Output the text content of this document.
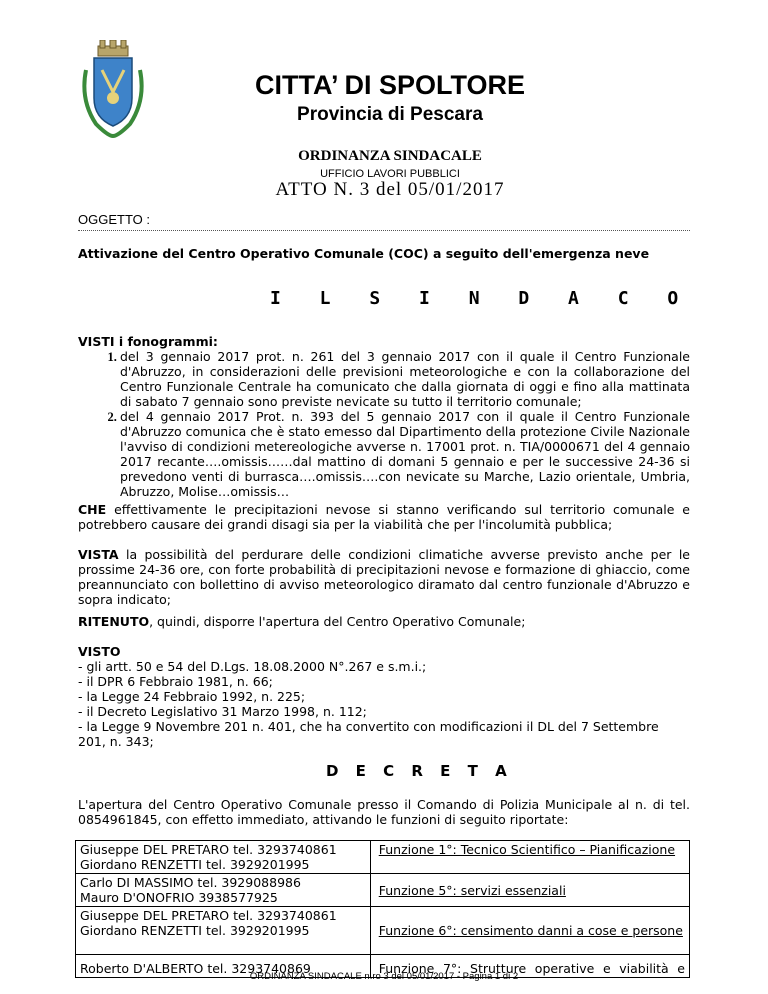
CITTA’ DI SPOLTORE
Provincia di Pescara
ORDINANZA SINDACALE
UFFICIO LAVORI PUBBLICI
ATTO N. 3 del 05/01/2017
OGGETTO :
Attivazione del Centro Operativo Comunale (COC) a seguito dell'emergenza neve
I L S I N D A C O
VISTI i fonogrammi:
1. del 3 gennaio 2017 prot. n. 261 del 3 gennaio 2017 con il quale il Centro Funzionale d'Abruzzo, in considerazioni delle previsioni meteorologiche e con la collaborazione del Centro Funzionale Centrale ha comunicato che dalla giornata di oggi e fino alla mattinata di sabato 7 gennaio sono previste nevicate su tutto il territorio comunale;
2. del 4 gennaio 2017 Prot. n. 393 del 5 gennaio 2017 con il quale il Centro Funzionale d'Abruzzo comunica che è stato emesso dal Dipartimento della protezione Civile Nazionale l'avviso di condizioni metereologiche avverse n. 17001 prot. n. TIA/0000671 del 4 gennaio 2017 recante….omissis……dal mattino di domani 5 gennaio e per le successive 24-36 si prevedono venti di burrasca….omissis….con nevicate su Marche, Lazio orientale, Umbria, Abruzzo, Molise…omissis…
CHE effettivamente le precipitazioni nevose si stanno verificando sul territorio comunale e potrebbero causare dei grandi disagi sia per la viabilità che per l'incolumità pubblica;
VISTA la possibilità del perdurare delle condizioni climatiche avverse previsto anche per le prossime 24-36 ore, con forte probabilità di precipitazioni nevose e formazione di ghiaccio, come preannunciato con bollettino di avviso meteorologico diramato dal centro funzionale d'Abruzzo e sopra indicato;
RITENUTO, quindi, disporre l'apertura del Centro Operativo Comunale;
VISTO
- gli artt. 50 e 54 del D.Lgs. 18.08.2000 N°.267 e s.m.i.;
- il DPR 6 Febbraio 1981, n. 66;
- la Legge 24 Febbraio 1992, n. 225;
- il Decreto Legislativo 31 Marzo 1998, n. 112;
- la Legge 9 Novembre 201 n. 401, che ha convertito con modificazioni il DL del 7 Settembre 201, n. 343;
D E C R E T A
L'apertura del Centro Operativo Comunale presso il Comando di Polizia Municipale al n. di tel. 0854961845, con effetto immediato, attivando le funzioni di seguito riportate:
Giuseppe DEL PRETARO tel. 3293740861
Giordano RENZETTI tel. 3929201995	Funzione 1°: Tecnico Scientifico – Pianificazione

Carlo DI MASSIMO tel. 3929088986
Mauro D'ONOFRIO 3938577925	Funzione 5°: servizi essenziali

Giuseppe DEL PRETARO tel. 3293740861
Giordano RENZETTI tel. 3929201995	Funzione 6°: censimento danni a cose e persone

Roberto D'ALBERTO tel. 3293740869	Funzione 7°: Strutture operative e viabilità e
ORDINANZA SINDACALE n.ro 3 del 05/01/2017 - Pagina 1 di 2
